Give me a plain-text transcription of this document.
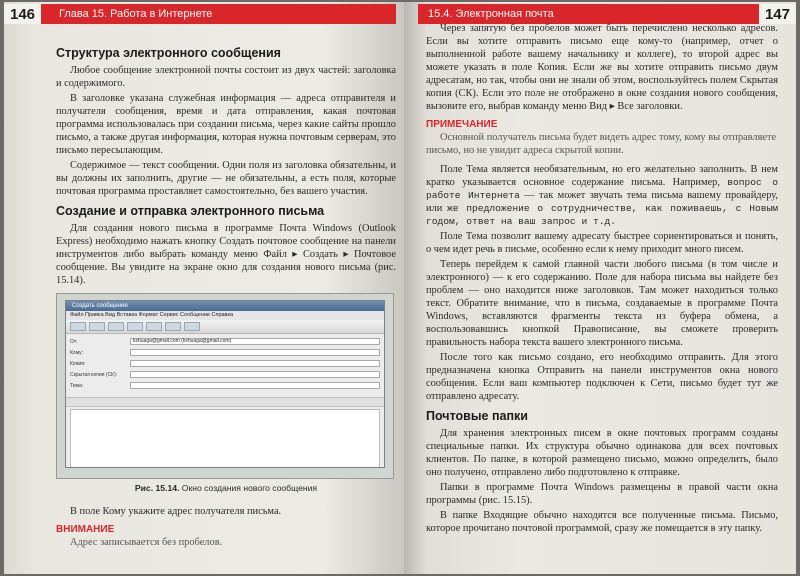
146	Глава 15. Работа в Интернете
Структура электронного сообщения

Любое сообщение электронной почты состоит из двух частей: заголовка и содержимого.

В заголовке указана служебная информация — адреса отправителя и получателя сообщения, время и дата отправления, какая почтовая программа использовалась при создании письма, через какие сайты прошло письмо, а также другая информация, которая нужна почтовым серверам, это письмо пересылающим.

Содержимое — текст сообщения. Одни поля из заголовка обязательны, и вы должны их заполнить, другие — не обязательны, а есть поля, которые почтовая программа проставляет самостоятельно, без вашего участия.

Создание и отправка электронного письма

Для создания нового письма в программе Почта Windows (Outlook Express) необходимо нажать кнопку Создать почтовое сообщение на панели инструментов либо выбрать команду меню Файл ▸ Создать ▸ Почтовое сообщение. Вы увидите на экране окно для создания нового письма (рис. 15.14).

Создать сообщение
Файл Правка Вид Вставка Формат Сервис Сообщение Справка
От:	kshuaga@gmail.com (kshuaga@gmail.com)
Кому:
Копия:
Скрытая копия (СК):
Тема:
Рис. 15.14. Окно создания нового сообщения

В поле Кому укажите адрес получателя письма.

ВНИМАНИЕ
Адрес записывается без пробелов.
15.4. Электронная почта	147

Через запятую без пробелов может быть перечислено несколько адресов. Если вы хотите отправить письмо еще кому-то (например, отчет о выполненной работе вашему начальнику и коллеге), то второй адрес вы можете указать в поле Копия. Если же вы хотите отправить письмо двум адресатам, но так, чтобы они не знали об этом, воспользуйтесь полем Скрытая копия (СК). Если это поле не отображено в окне создания нового сообщения, вызовите его, выбрав команду меню Вид ▸ Все заголовки.

ПРИМЕЧАНИЕ
Основной получатель письма будет видеть адрес тому, кому вы отправляете письмо, но не увидит адреса скрытой копии.

Поле Тема является необязательным, но его желательно заполнить. В нем кратко указывается основное содержание письма. Например, вопрос о работе Интернета — так может звучать тема письма вашему провайдеру, или же предложение о сотрудничестве, как поживаешь, с Новым годом, ответ на ваш запрос и т.д.

Поле Тема позволит вашему адресату быстрее сориентироваться и понять, о чем идет речь в письме, особенно если к нему приходит много писем.

Теперь перейдем к самой главной части любого письма (в том числе и электронного) — к его содержанию. Поле для набора письма вы найдете без проблем — оно находится ниже заголовков. Там может находиться только текст. Обратите внимание, что в письма, создаваемые в программе Почта Windows, вставляются фрагменты текста из буфера обмена, а воспользовавшись кнопкой Правописание, вы сможете проверить правильность набора текста вашего электронного письма.

После того как письмо создано, его необходимо отправить. Для этого предназначена кнопка Отправить на панели инструментов окна нового сообщения. Если ваш компьютер подключен к Сети, письмо будет тут же отправлено адресату.

Почтовые папки

Для хранения электронных писем в окне почтовых программ созданы специальные папки. Их структура обычно одинакова для всех почтовых клиентов. По папке, в которой размещено письмо, можно определить, было оно получено, отправлено либо подготовлено к отправке.

Папки в программе Почта Windows размещены в правой части окна программы (рис. 15.15).

В папке Входящие обычно находятся все полученные письма. Письмо, которое прочитано почтовой программой, сразу же помещается в эту папку.
